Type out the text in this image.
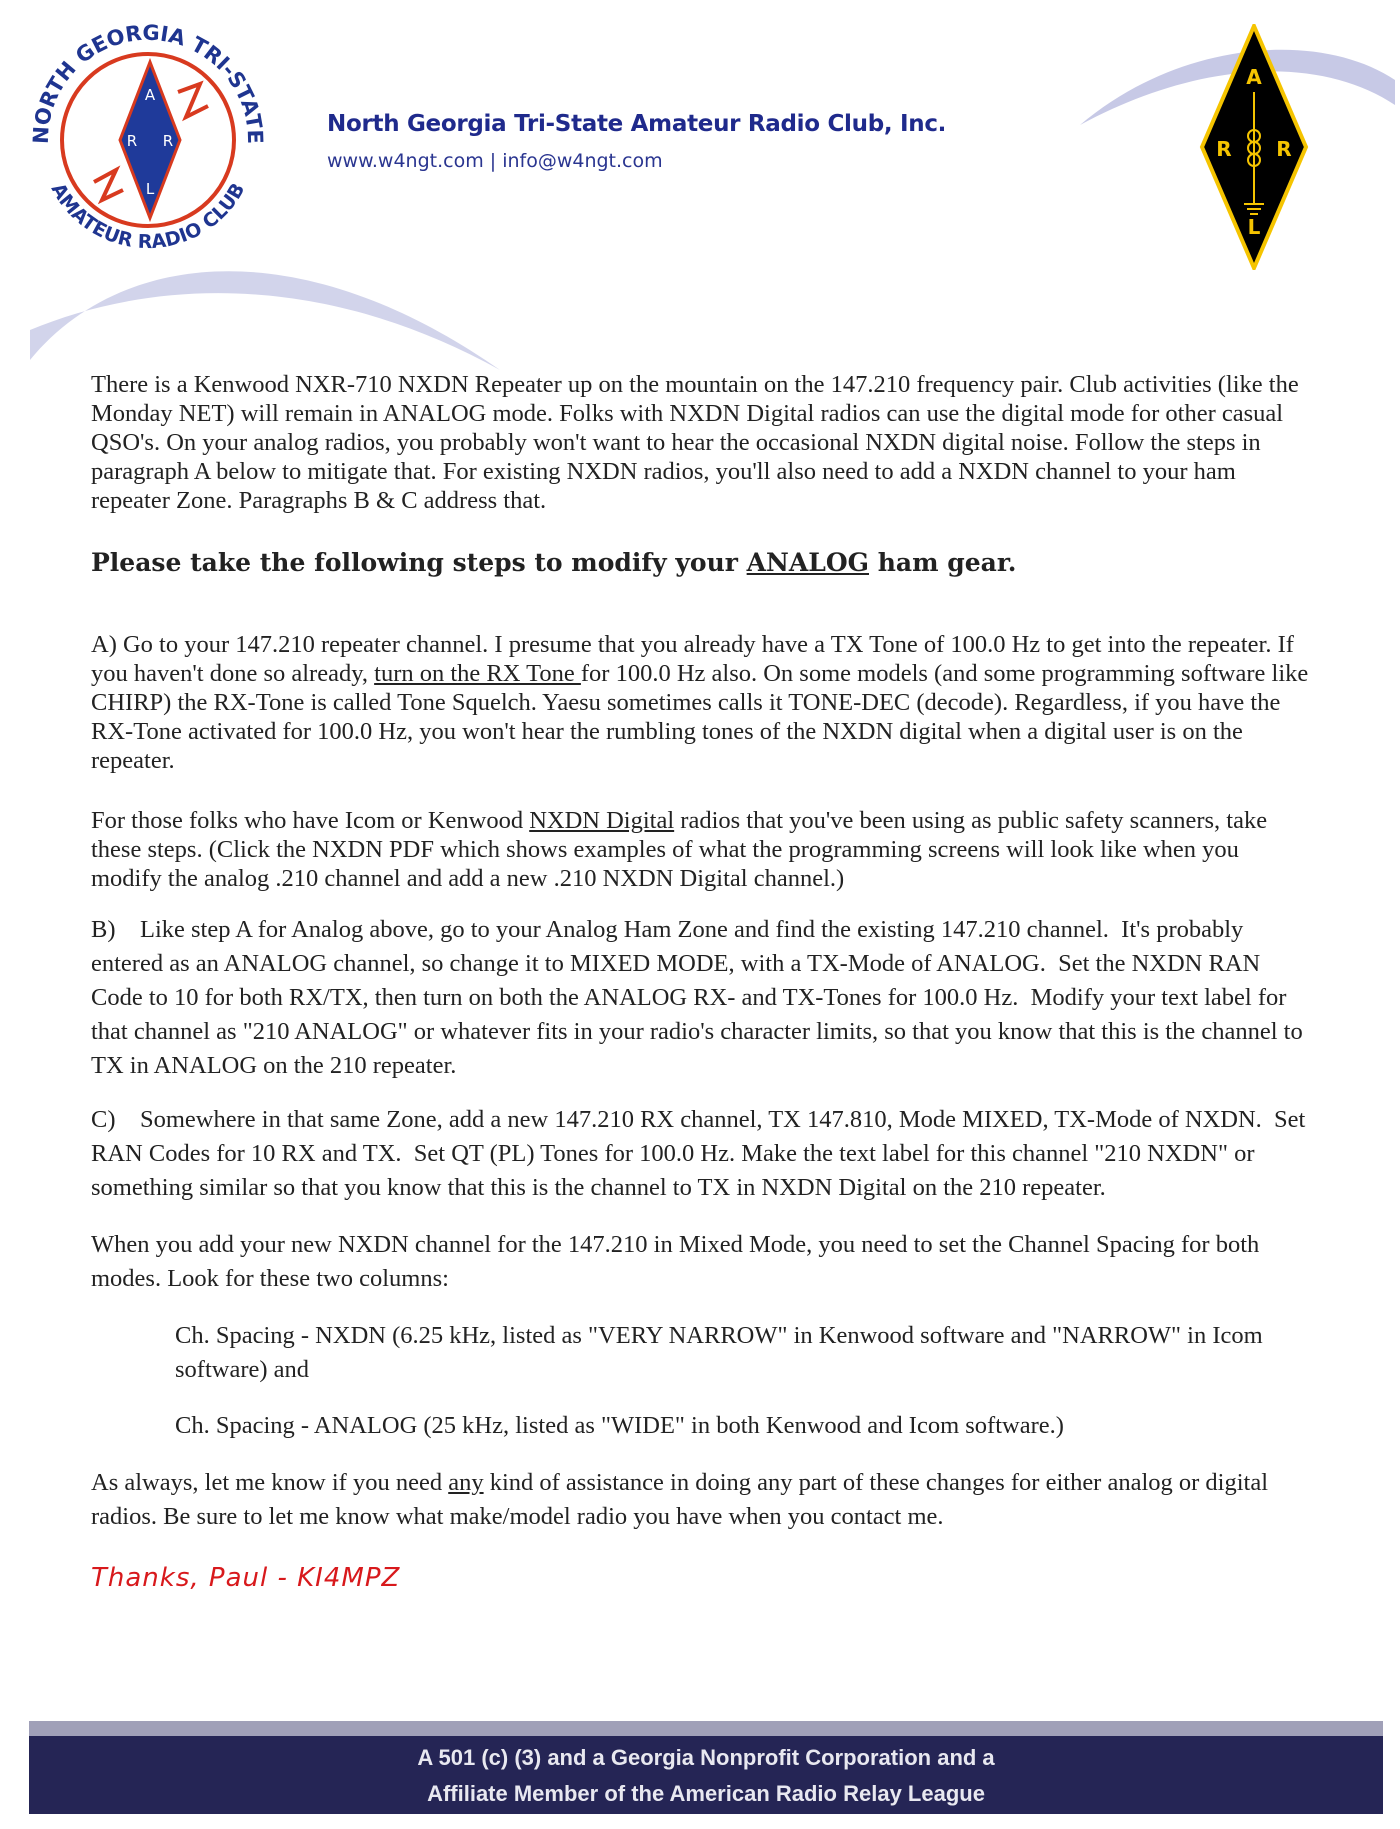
A
R R
L
NORTH GEORGIA TRI-STATE
AMATEUR RADIO CLUB
North Georgia Tri-State Amateur Radio Club, Inc.
www.w4ngt.com | info@w4ngt.com
A
R R
L

There is a Kenwood NXR-710 NXDN Repeater up on the mountain on the 147.210 frequency pair. Club activities (like the Monday NET) will remain in ANALOG mode. Folks with NXDN Digital radios can use the digital mode for other casual QSO's. On your analog radios, you probably won't want to hear the occasional NXDN digital noise. Follow the steps in paragraph A below to mitigate that. For existing NXDN radios, you'll also need to add a NXDN channel to your ham repeater Zone. Paragraphs B & C address that.

Please take the following steps to modify your ANALOG ham gear.

A) Go to your 147.210 repeater channel. I presume that you already have a TX Tone of 100.0 Hz to get into the repeater. If you haven't done so already, turn on the RX Tone for 100.0 Hz also. On some models (and some programming software like CHIRP) the RX-Tone is called Tone Squelch. Yaesu sometimes calls it TONE-DEC (decode). Regardless, if you have the RX-Tone activated for 100.0 Hz, you won't hear the rumbling tones of the NXDN digital when a digital user is on the repeater.

For those folks who have Icom or Kenwood NXDN Digital radios that you've been using as public safety scanners, take these steps. (Click the NXDN PDF which shows examples of what the programming screens will look like when you modify the analog .210 channel and add a new .210 NXDN Digital channel.)

B)    Like step A for Analog above, go to your Analog Ham Zone and find the existing 147.210 channel.  It's probably entered as an ANALOG channel, so change it to MIXED MODE, with a TX-Mode of ANALOG.  Set the NXDN RAN Code to 10 for both RX/TX, then turn on both the ANALOG RX- and TX-Tones for 100.0 Hz.  Modify your text label for that channel as "210 ANALOG" or whatever fits in your radio's character limits, so that you know that this is the channel to TX in ANALOG on the 210 repeater.

C)    Somewhere in that same Zone, add a new 147.210 RX channel, TX 147.810, Mode MIXED, TX-Mode of NXDN.  Set RAN Codes for 10 RX and TX.  Set QT (PL) Tones for 100.0 Hz. Make the text label for this channel "210 NXDN" or something similar so that you know that this is the channel to TX in NXDN Digital on the 210 repeater.

When you add your new NXDN channel for the 147.210 in Mixed Mode, you need to set the Channel Spacing for both modes. Look for these two columns:

Ch. Spacing - NXDN (6.25 kHz, listed as "VERY NARROW" in Kenwood software and "NARROW" in Icom software) and

Ch. Spacing - ANALOG (25 kHz, listed as "WIDE" in both Kenwood and Icom software.)

As always, let me know if you need any kind of assistance in doing any part of these changes for either analog or digital radios. Be sure to let me know what make/model radio you have when you contact me.

Thanks, Paul - KI4MPZ
A 501 (c) (3) and a Georgia Nonprofit Corporation and a
Affiliate Member of the American Radio Relay League
